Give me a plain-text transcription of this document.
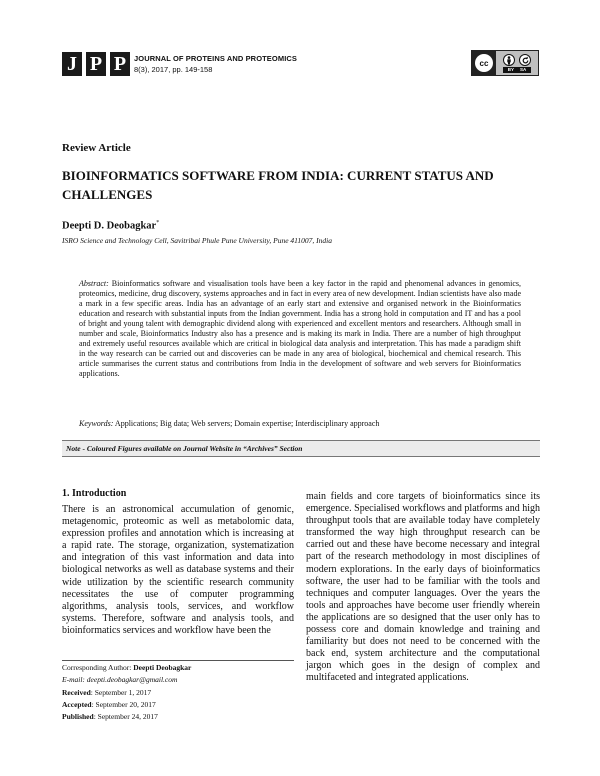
J P P	JOURNAL OF PROTEINS AND PROTEOMICS
8(3), 2017, pp. 149-158
cc
BY SA
Review Article
BIOINFORMATICS SOFTWARE FROM INDIA: CURRENT STATUS AND CHALLENGES
Deepti D. Deobagkar*
ISRO Science and Technology Cell, Savitribai Phule Pune University, Pune 411007, India
Abstract: Bioinformatics software and visualisation tools have been a key factor in the rapid and phenomenal advances in genomics, proteomics, medicine, drug discovery, systems approaches and in fact in every area of new development. Indian scientists have also made a mark in a few specific areas. India has an advantage of an early start and extensive and organised network in the Bioinformatics education and research with substantial inputs from the Indian government. India has a strong hold in computation and IT and has a pool of bright and young talent with demographic dividend along with experienced and excellent mentors and researchers. Although small in number and scale, Bioinformatics Industry also has a presence and is making its mark in India. There are a number of high throughput and extremely useful resources available which are critical in biological data analysis and interpretation. This has made a paradigm shift in the way research can be carried out and discoveries can be made in any area of biological, biochemical and chemical research. This article summarises the current status and contributions from India in the development of software and web servers for Bioinformatics applications.
Keywords: Applications; Big data; Web servers; Domain expertise; Interdisciplinary approach
Note - Coloured Figures available on Journal Website in “Archives” Section
1. Introduction
There is an astronomical accumulation of genomic, metagenomic, proteomic as well as metabolomic data, expression profiles and annotation which is increasing at a rapid rate. The storage, organization, systematization and integration of this vast information and data into biological networks as well as database systems and their wide utilization by the scientific research community necessitates the use of computer programming algorithms, analysis tools, services, and workflow systems. Therefore, software and analysis tools, and bioinformatics services and workflow have been the
main fields and core targets of bioinformatics since its emergence. Specialised workflows and platforms and high throughput tools that are available today have completely transformed the way high throughput research can be carried out and these have become necessary and integral part of the research methodology in most disciplines of modern explorations. In the early days of bioinformatics software, the user had to be familiar with the tools and techniques and computer languages. Over the years the tools and approaches have become user friendly wherein the applications are so designed that the user only has to possess core and domain knowledge and training and familiarity but does not need to be concerned with the back end, system architecture and the computational jargon which goes in the design of complex and multifaceted and integrated applications.
Corresponding Author: Deepti Deobagkar
E-mail: deepti.deobagkar@gmail.com
Received: September 1, 2017
Accepted: September 20, 2017
Published: September 24, 2017
